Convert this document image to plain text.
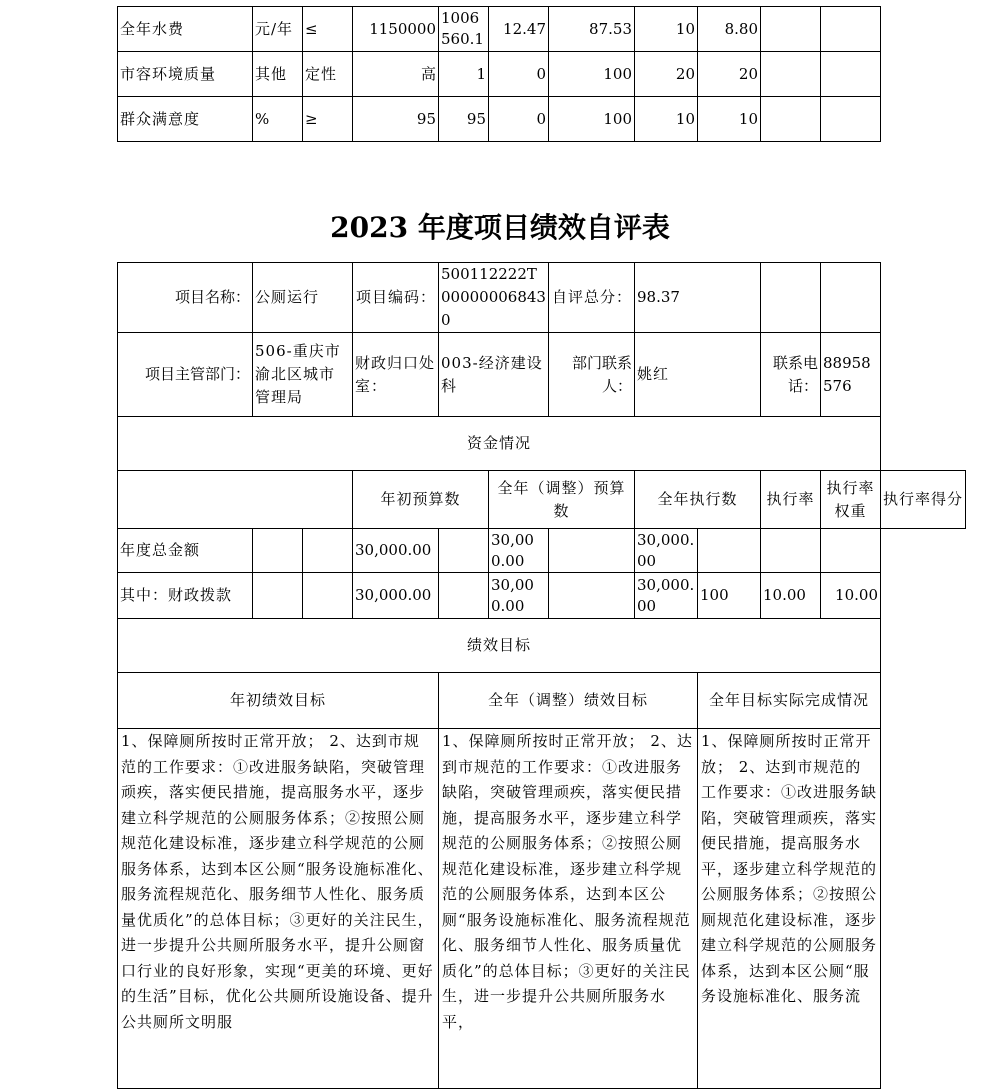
全年水费	元/年	≤	1150000	1006560.1	12.47	87.53	10	8.80		
市容环境质量	其他	定性	高	1	0	100	20	20		
群众满意度	%	≥	95	95	0	100	10	10		
2023 年度项目绩效自评表
项目名称：	公厕运行		项目编码：	500112222T000000068430		自评总分：	98.37				
项目主管部门：	506-重庆市渝北区城市管理局		财政归口处室：	003-经济建设科		部门联系人：	姚红		联系电话：	88958576	
资金情况											
			年初预算数		全年（调整）预算数		全年执行数		执行率	执行率权重	执行率得分
年度总金额			30,000.00		30,000.00		30,000.00				
其中：财政拨款			30,000.00		30,000.00		30,000.00	100	10.00	10.00	
绩效目标											
年初绩效目标				全年（调整）绩效目标				全年目标实际完成情况			
1、保障厕所按时正常开放； 2、达到市规范的工作要求：①改进服务缺陷，突破管理顽疾，落实便民措施，提高服务水平，逐步建立科学规范的公厕服务体系；②按照公厕规范化建设标准，逐步建立科学规范的公厕服务体系，达到本区公厕“服务设施标准化、服务流程规范化、服务细节人性化、服务质量优质化”的总体目标；③更好的关注民生，进一步提升公共厕所服务水平，提升公厕窗口行业的良好形象，实现“更美的环境、更好的生活”目标，优化公共厕所设施设备、提升公共厕所文明服				1、保障厕所按时正常开放； 2、达到市规范的工作要求：①改进服务缺陷，突破管理顽疾，落实便民措施，提高服务水平，逐步建立科学规范的公厕服务体系；②按照公厕规范化建设标准，逐步建立科学规范的公厕服务体系，达到本区公厕“服务设施标准化、服务流程规范化、服务细节人性化、服务质量优质化”的总体目标；③更好的关注民生，进一步提升公共厕所服务水平，				1、保障厕所按时正常开放； 2、达到市规范的工作要求：①改进服务缺陷，突破管理顽疾，落实便民措施，提高服务水平，逐步建立科学规范的公厕服务体系；②按照公厕规范化建设标准，逐步建立科学规范的公厕服务体系，达到本区公厕“服务设施标准化、服务流			
